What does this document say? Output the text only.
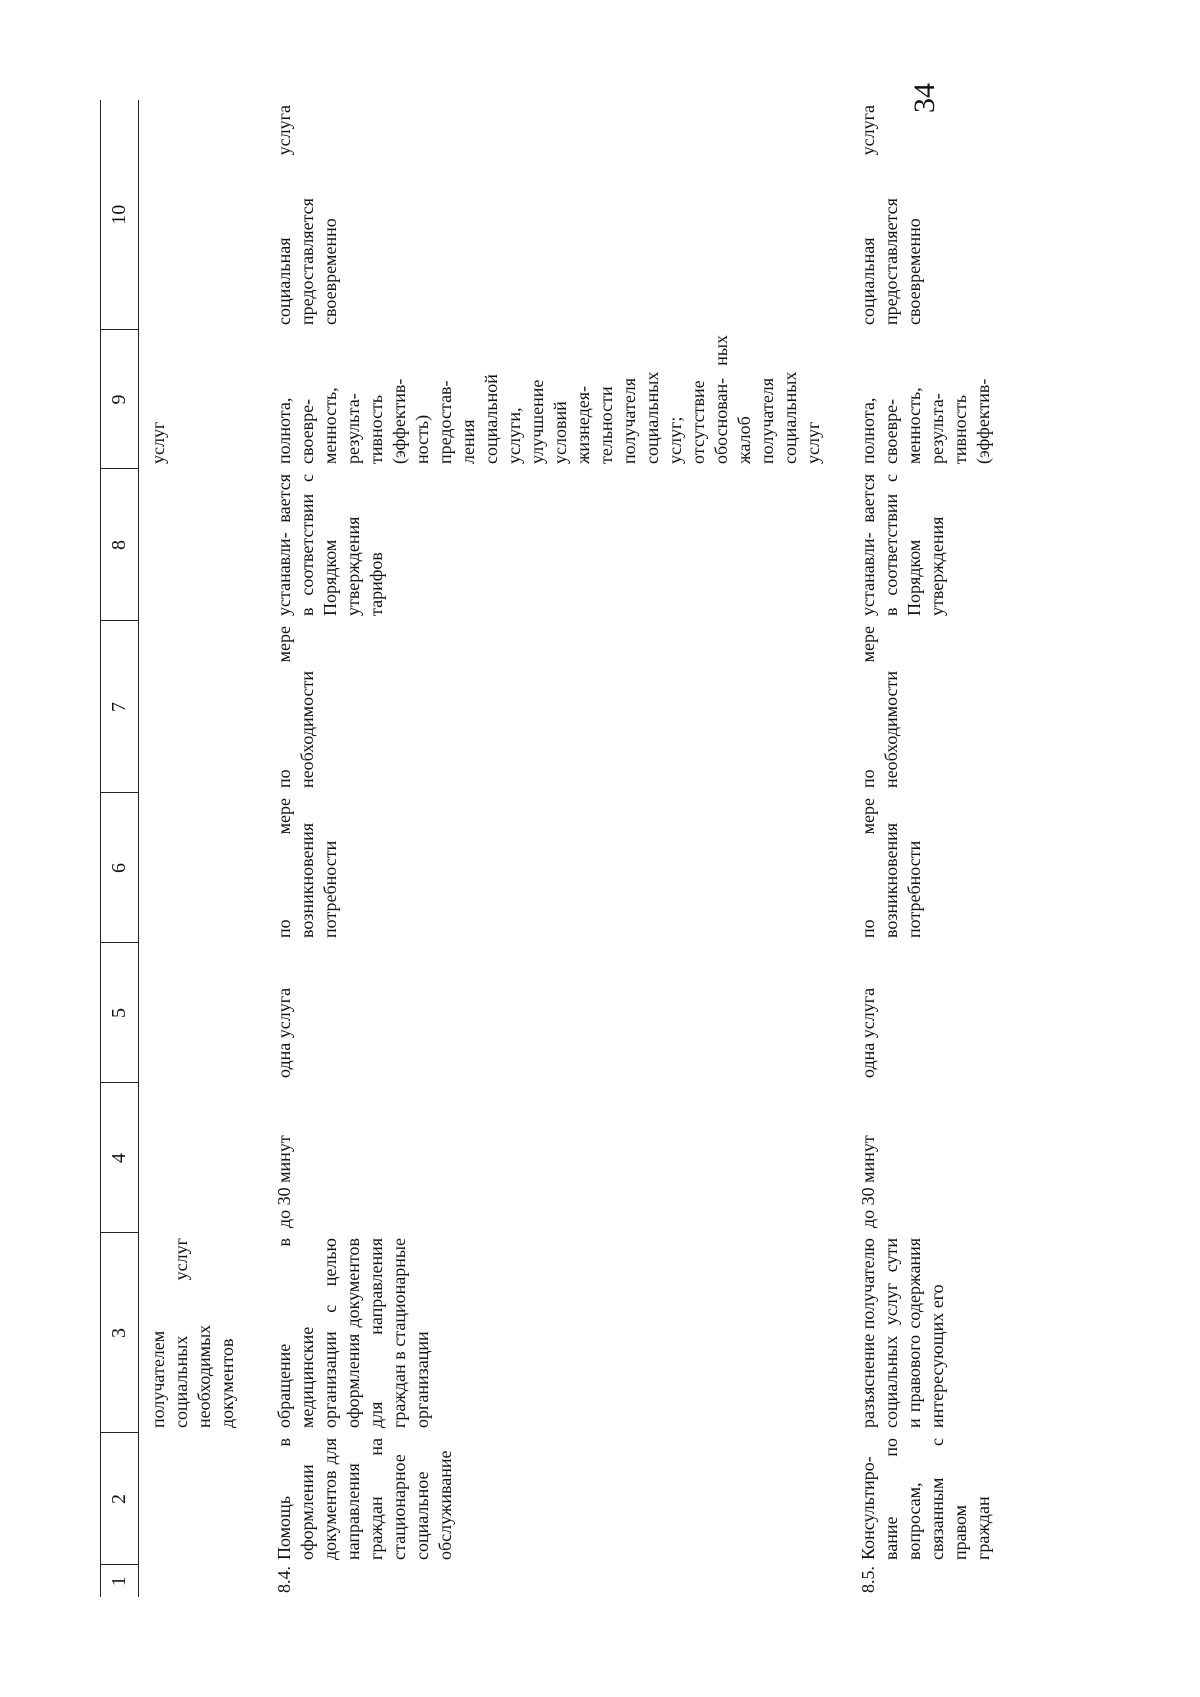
34
1	2	3	4	5	6	7	8	9	10
		получателем социальных услуг необходимых документов						услуг	
8.4.	Помощь в оформлении документов для направления граждан на стационарное социальное обслуживание	обращение в медицинские организации с целью оформления документов для направления граждан в стационарные организации	до 30 минут	одна услуга	по мере возникновения потребности	по мере необходимости	устанавли- вается в соответствии с Порядком утверждения тарифов	полнота, своевре- менность, результа- тивность (эффектив- ность) предостав- ления социальной услуги, улучшение условий жизнедея- тельности получателя социальных услуг; отсутствие обоснован- ных жалоб получателя социальных услуг	социальная услуга предоставляется своевременно
8.5.	Консультиро- вание по вопросам, связанным с правом граждан	разъяснение получателю социальных услуг сути и правового содержания интересующих его	до 30 минут	одна услуга	по мере возникновения потребности	по мере необходимости	устанавли- вается в соответствии с Порядком утверждения	полнота, своевре- менность, результа- тивность (эффектив-	социальная услуга предоставляется своевременно
